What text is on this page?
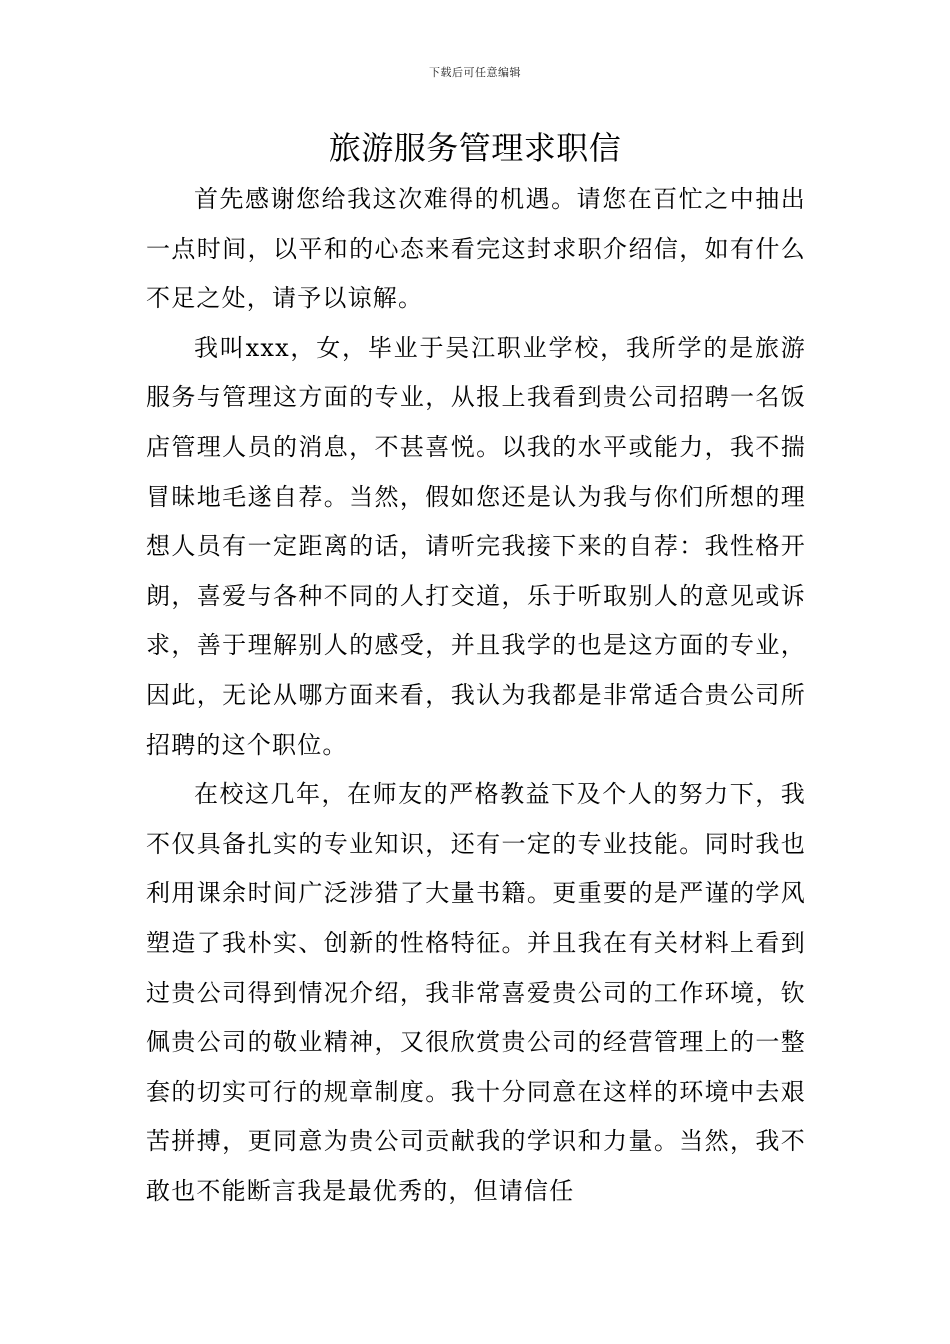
下载后可任意编辑
旅游服务管理求职信

首先感谢您给我这次难得的机遇。请您在百忙之中抽出一点时间，以平和的心态来看完这封求职介绍信，如有什么不足之处，请予以谅解。

我叫xxx，女，毕业于吴江职业学校，我所学的是旅游服务与管理这方面的专业，从报上我看到贵公司招聘一名饭店管理人员的消息，不甚喜悦。以我的水平或能力，我不揣冒昧地毛遂自荐。当然，假如您还是认为我与你们所想的理想人员有一定距离的话，请听完我接下来的自荐：我性格开朗，喜爱与各种不同的人打交道，乐于听取别人的意见或诉求，善于理解别人的感受，并且我学的也是这方面的专业，因此，无论从哪方面来看，我认为我都是非常适合贵公司所招聘的这个职位。

在校这几年，在师友的严格教益下及个人的努力下，我不仅具备扎实的专业知识，还有一定的专业技能。同时我也利用课余时间广泛涉猎了大量书籍。更重要的是严谨的学风塑造了我朴实、创新的性格特征。并且我在有关材料上看到过贵公司得到情况介绍，我非常喜爱贵公司的工作环境，钦佩贵公司的敬业精神，又很欣赏贵公司的经营管理上的一整套的切实可行的规章制度。我十分同意在这样的环境中去艰苦拼搏，更同意为贵公司贡献我的学识和力量。当然，我不敢也不能断言我是最优秀的，但请信任
